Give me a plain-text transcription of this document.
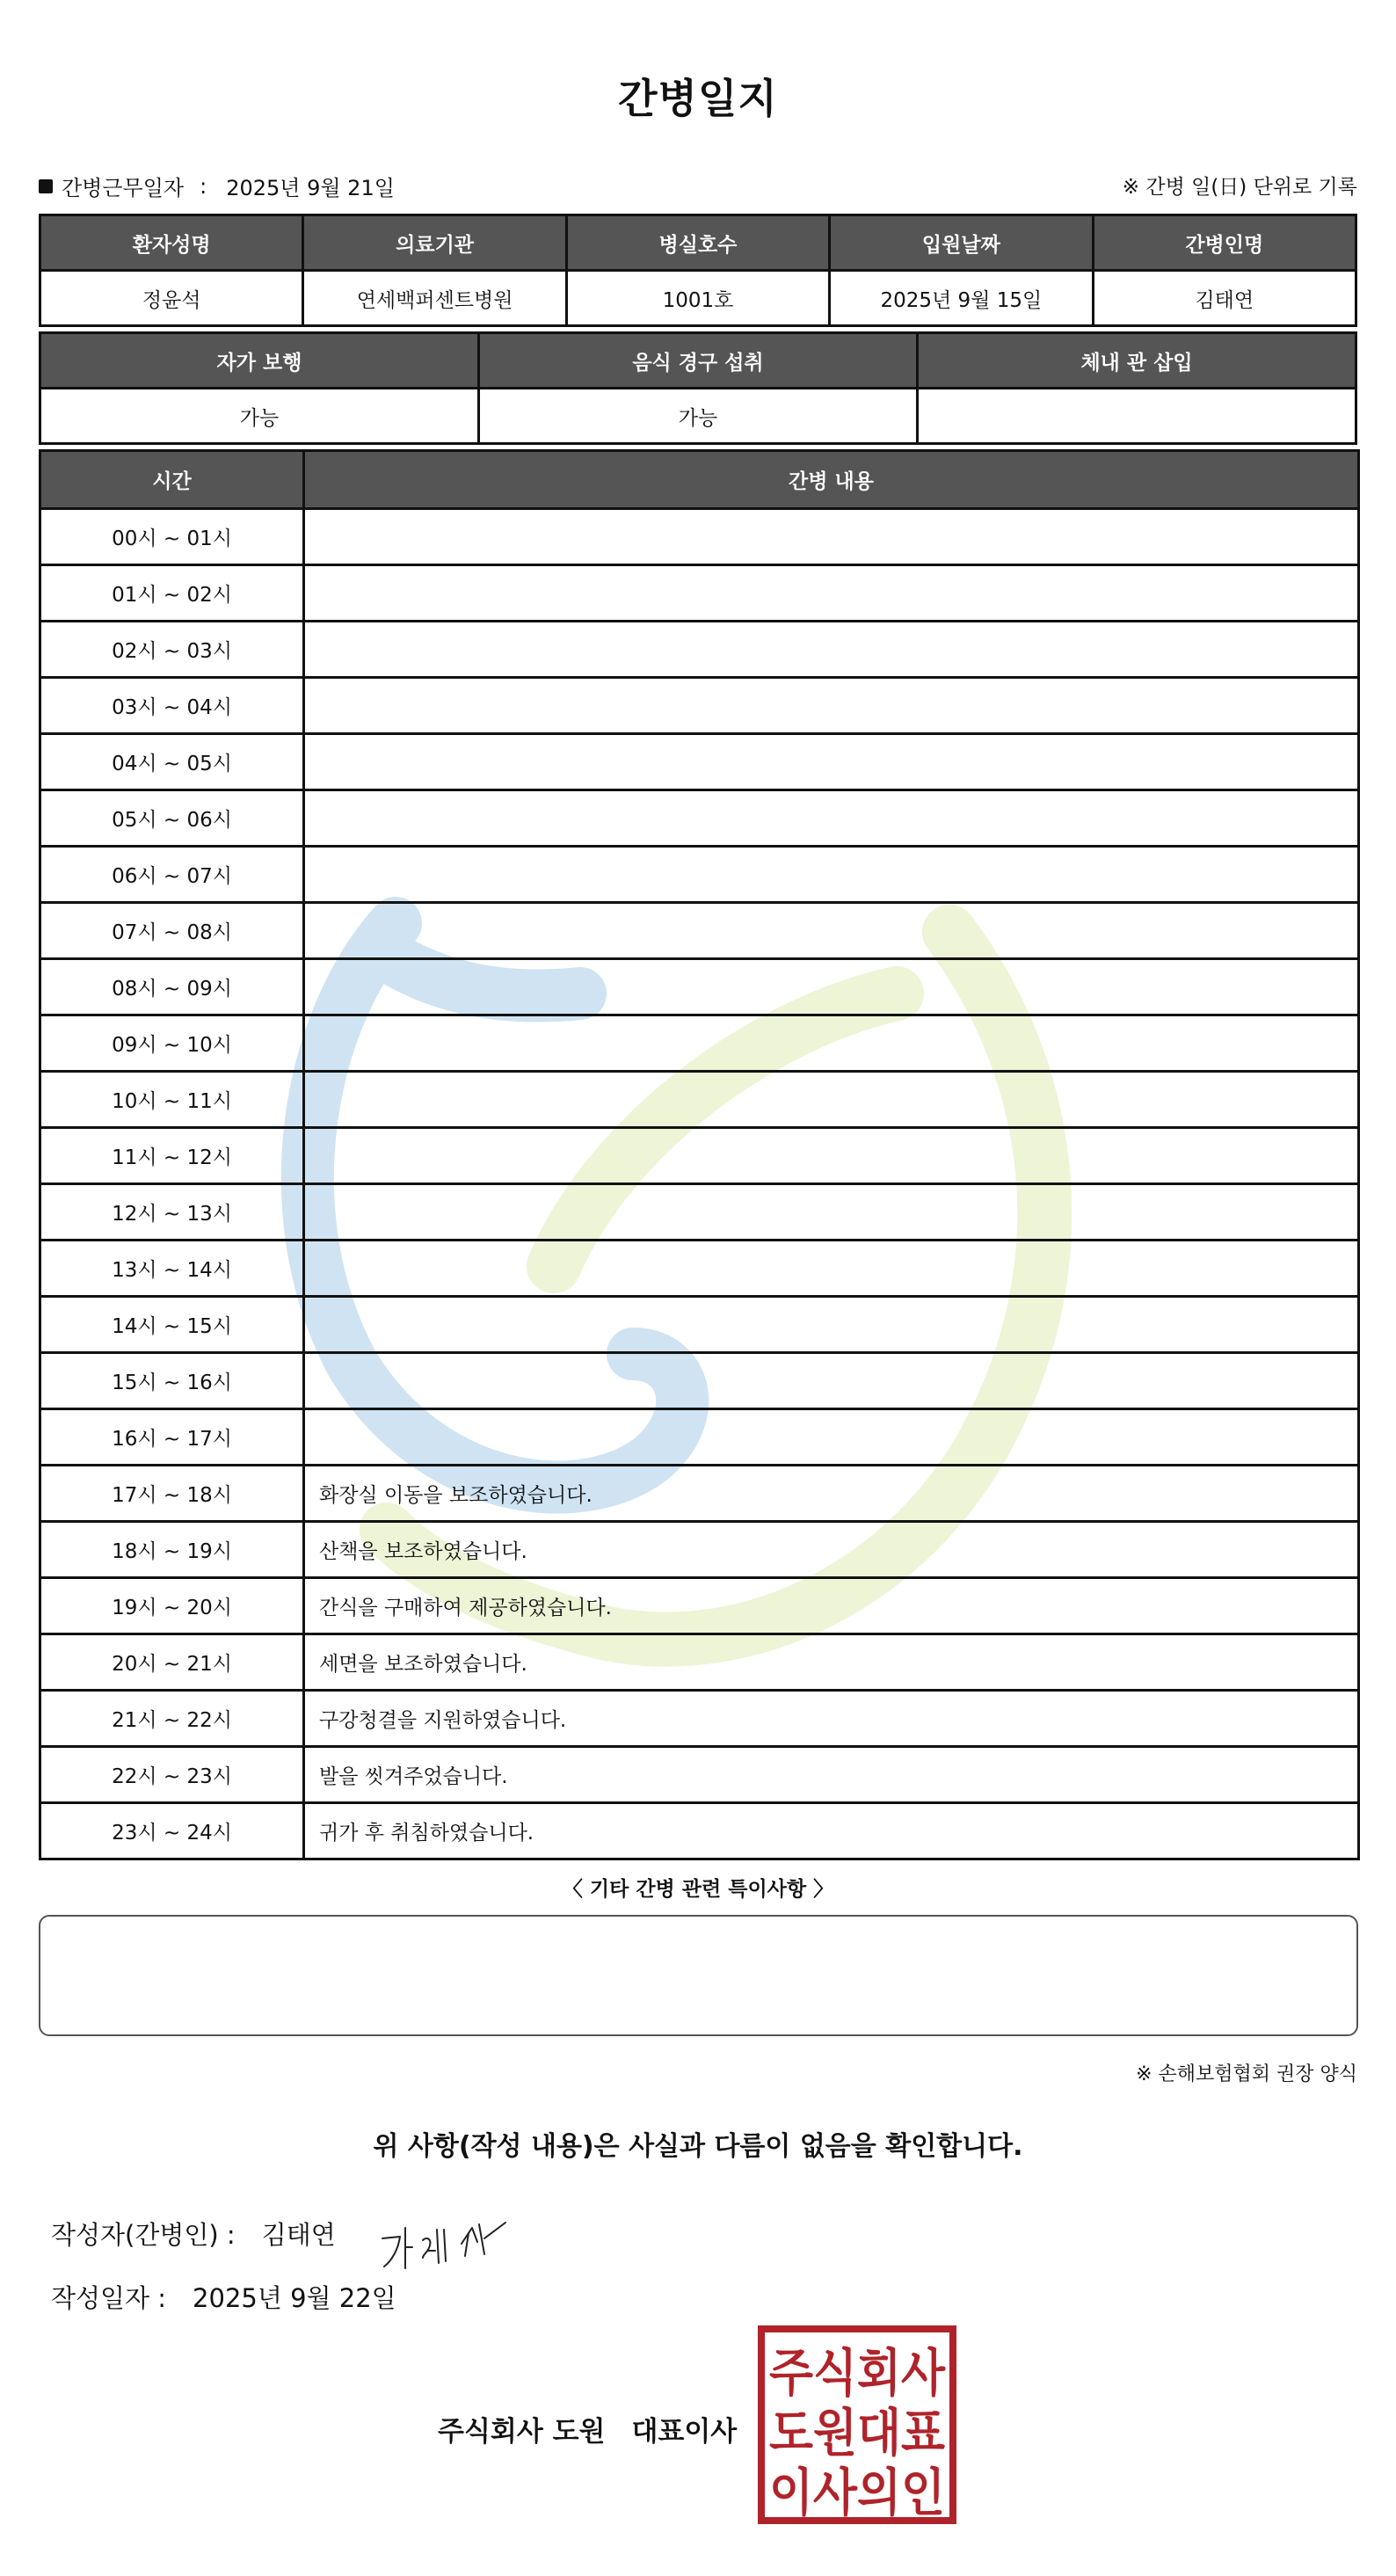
간병일지
간병근무일자 : 2025년 9월 21일	※ 간병 일(日) 단위로 기록
환자성명	의료기관	병실호수	입원날짜	간병인명
정윤석	연세백퍼센트병원	1001호	2025년 9월 15일	김태연
자가 보행	음식 경구 섭취	체내 관 삽입
가능	가능	
시간	간병 내용
00시 ~ 01시	
01시 ~ 02시	
02시 ~ 03시	
03시 ~ 04시	
04시 ~ 05시	
05시 ~ 06시	
06시 ~ 07시	
07시 ~ 08시	
08시 ~ 09시	
09시 ~ 10시	
10시 ~ 11시	
11시 ~ 12시	
12시 ~ 13시	
13시 ~ 14시	
14시 ~ 15시	
15시 ~ 16시	
16시 ~ 17시	
17시 ~ 18시	화장실 이동을 보조하였습니다.
18시 ~ 19시	산책을 보조하였습니다.
19시 ~ 20시	간식을 구매하여 제공하였습니다.
20시 ~ 21시	세면을 보조하였습니다.
21시 ~ 22시	구강청결을 지원하였습니다.
22시 ~ 23시	발을 씻겨주었습니다.
23시 ~ 24시	귀가 후 취침하였습니다.
〈 기타 간병 관련 특이사항 〉
※ 손해보험협회 권장 양식
위 사항(작성 내용)은 사실과 다름이 없음을 확인합니다.
작성자(간병인) : 김태연
작성일자 : 2025년 9월 22일
주식회사 도원 대표이사
주식회사
도원대표
이사의인
